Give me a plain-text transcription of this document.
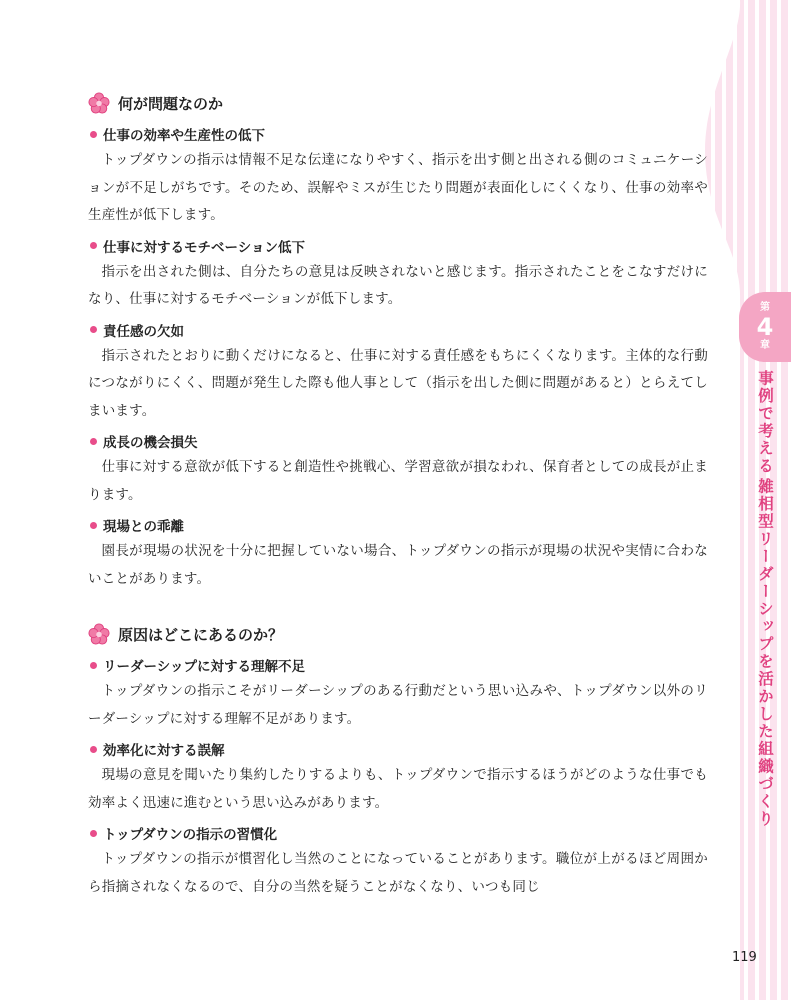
何が問題なのか
仕事の効率や生産性の低下

トップダウンの指示は情報不足な伝達になりやすく、指示を出す側と出される側のコミュニケーションが不足しがちです。そのため、誤解やミスが生じたり問題が表面化しにくくなり、仕事の効率や生産性が低下します。

仕事に対するモチベーション低下

指示を出された側は、自分たちの意見は反映されないと感じます。指示されたことをこなすだけになり、仕事に対するモチベーションが低下します。

責任感の欠如

指示されたとおりに動くだけになると、仕事に対する責任感をもちにくくなります。主体的な行動につながりにくく、問題が発生した際も他人事として（指示を出した側に問題があると）とらえてしまいます。

成長の機会損失

仕事に対する意欲が低下すると創造性や挑戦心、学習意欲が損なわれ、保育者としての成長が止まります。

現場との乖離

園長が現場の状況を十分に把握していない場合、トップダウンの指示が現場の状況や実情に合わないことがあります。

原因はどこにあるのか？
リーダーシップに対する理解不足

トップダウンの指示こそがリーダーシップのある行動だという思い込みや、トップダウン以外のリーダーシップに対する理解不足があります。

効率化に対する誤解

現場の意見を聞いたり集約したりするよりも、トップダウンで指示するほうがどのような仕事でも効率よく迅速に進むという思い込みがあります。

トップダウンの指示の習慣化

トップダウンの指示が慣習化し当然のことになっていることがあります。職位が上がるほど周囲から指摘されなくなるので、自分の当然を疑うことがなくなり、いつも同じ

第
4
章
事例で考える
雑相型リーダーシップを活かした組織づくり
119
